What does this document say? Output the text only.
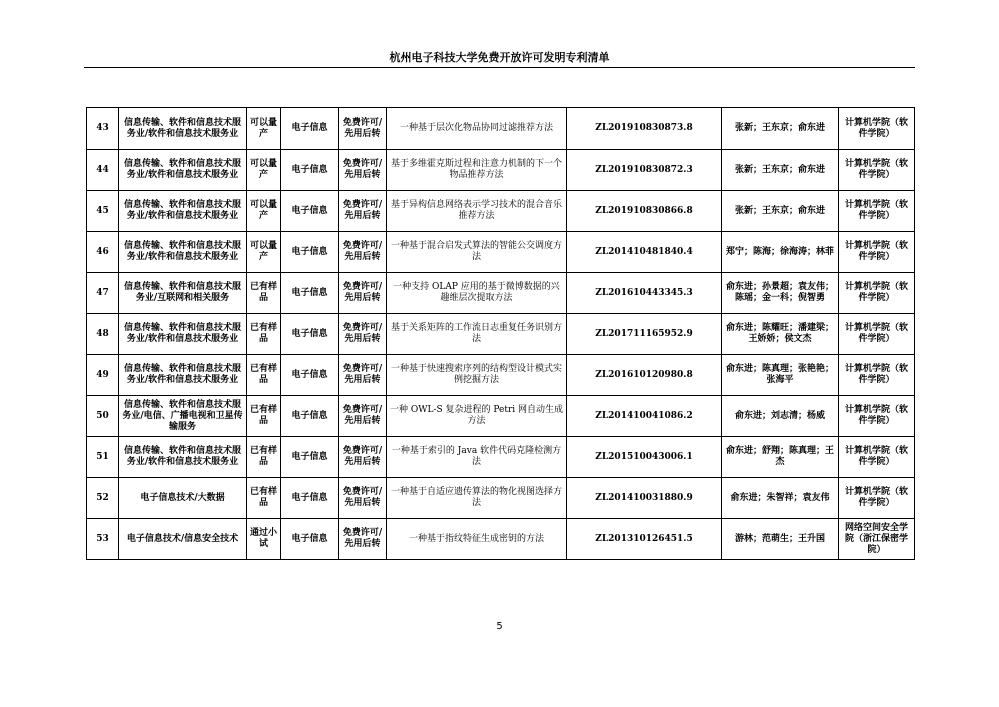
杭州电子科技大学免费开放许可发明专利清单
43	信息传输、软件和信息技术服务业/软件和信息技术服务业	可以量产	电子信息	免费许可/先用后转	一种基于层次化物品协同过滤推荐方法	ZL201910830873.8	张新；王东京；俞东进	计算机学院（软件学院）
44	信息传输、软件和信息技术服务业/软件和信息技术服务业	可以量产	电子信息	免费许可/先用后转	基于多维霍克斯过程和注意力机制的下一个物品推荐方法	ZL201910830872.3	张新；王东京；俞东进	计算机学院（软件学院）
45	信息传输、软件和信息技术服务业/软件和信息技术服务业	可以量产	电子信息	免费许可/先用后转	基于异构信息网络表示学习技术的混合音乐推荐方法	ZL201910830866.8	张新；王东京；俞东进	计算机学院（软件学院）
46	信息传输、软件和信息技术服务业/软件和信息技术服务业	可以量产	电子信息	免费许可/先用后转	一种基于混合启发式算法的智能公交调度方法	ZL201410481840.4	郑宁；陈海；徐海涛；林菲	计算机学院（软件学院）
47	信息传输、软件和信息技术服务业/互联网和相关服务	已有样品	电子信息	免费许可/先用后转	一种支持 OLAP 应用的基于微博数据的兴趣维层次提取方法	ZL201610443345.3	俞东进；孙景超；袁友伟；陈瑶；金一科；倪智勇	计算机学院（软件学院）
48	信息传输、软件和信息技术服务业/软件和信息技术服务业	已有样品	电子信息	免费许可/先用后转	基于关系矩阵的工作流日志重复任务识别方法	ZL201711165952.9	俞东进；陈耀旺；潘建梁；王娇娇；侯文杰	计算机学院（软件学院）
49	信息传输、软件和信息技术服务业/软件和信息技术服务业	已有样品	电子信息	免费许可/先用后转	一种基于快速搜索序列的结构型设计模式实例挖掘方法	ZL201610120980.8	俞东进；陈真理；张艳艳；张海平	计算机学院（软件学院）
50	信息传输、软件和信息技术服务业/电信、广播电视和卫星传输服务	已有样品	电子信息	免费许可/先用后转	一种 OWL-S 复杂进程的 Petri 网自动生成方法	ZL201410041086.2	俞东进；刘志清；杨威	计算机学院（软件学院）
51	信息传输、软件和信息技术服务业/软件和信息技术服务业	已有样品	电子信息	免费许可/先用后转	一种基于索引的 Java 软件代码克隆检测方法	ZL201510043006.1	俞东进；舒翔；陈真理；王杰	计算机学院（软件学院）
52	电子信息技术/大数据	已有样品	电子信息	免费许可/先用后转	一种基于自适应遗传算法的物化视图选择方法	ZL201410031880.9	俞东进；朱智祥；袁友伟	计算机学院（软件学院）
53	电子信息技术/信息安全技术	通过小试	电子信息	免费许可/先用后转	一种基于指纹特征生成密钥的方法	ZL201310126451.5	游林；范萌生；王升国	网络空间安全学院（浙江保密学院）
5
